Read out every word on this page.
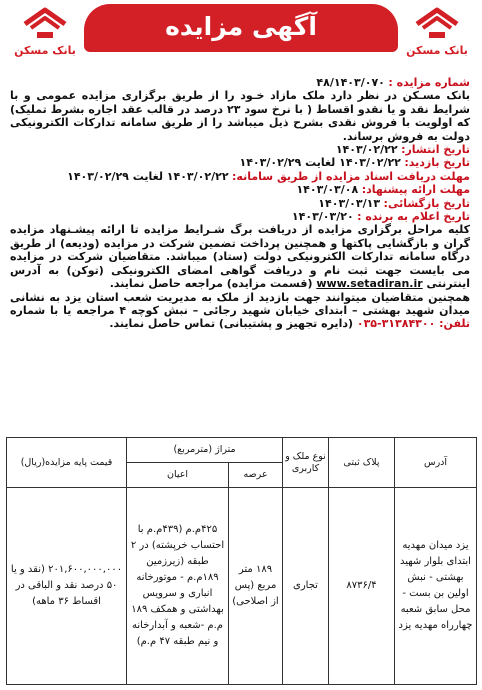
بانک مسکن
بانک مسکن
آگهی مزایده

شماره مزایده : ۴۸/۱۴۰۳/۰۷۰

بانک مسـکن در نظر دارد ملک مازاد خـود را از طریق برگزاری مزایده عمومی و با شرایط نقد و یا نقدو اقساط ( با نرخ سود ۲۳ درصد در قالب عقد اجاره بشرط تملیک) که اولویت با فروش نقدی بشرح ذیل میباشد را از طریق سامانه تدارکات الکترونیکی دولت به فروش برساند.

تاریخ انتشار: ۱۴۰۳/۰۲/۲۲

تاریخ بازدید: ۱۴۰۳/۰۲/۲۲ لغایت ۱۴۰۳/۰۲/۲۹

مهلت دریافت اسناد مزایده از طریق سامانه: ۱۴۰۳/۰۲/۲۲ لغایت ۱۴۰۳/۰۲/۲۹

مهلت ارائه پیشنهاد: ۱۴۰۳/۰۳/۰۸

تاریخ بازگشائی: ۱۴۰۳/۰۳/۱۳

تاریخ اعلام به برنده : ۱۴۰۳/۰۳/۲۰

کلیه مراحل برگزاری مزایده از دریافت برگ شـرایط مزایده تا ارائه پیشـنهاد مزایده گران و بازگشایی پاکتها و همچنین پرداخت تضمین شرکت در مزایده (ودیعه) از طریق درگاه سامانه تدارکات الکترونیکی دولت (ستاد) میباشد. متقاضیان شرکت در مزایده می بایست جهت ثبت نام و دریافت گواهی امضای الکترونیکی (توکن) به آدرس اینترنتی www.setadiran.ir (قسمت مزایده) مراجعه حاصل نمایند.

همچنین متقاضیان میتوانند جهت بازدید از ملک به مدیریت شعب استان یزد به نشانی میدان شهید بهشتی – ابتدای خیابان شهید رجائی – نبش کوچه ۴ مراجعه یا با شماره تلفن: ۳۱۳۸۴۳۰۰-۰۳۵ (دایره تجهیز و پشتیبانی) تماس حاصل نمایند.

آدرس	پلاک ثبتی	نوع ملک و کاربری	متراژ (مترمربع)		قیمت پایه مزایده(ریال)
			عرصه	اعیان	
یزد میدان مهدیه ابتدای بلوار شهید بهشتی - نبش اولین بن بست - محل سابق شعبه چهارراه مهدیه یزد	۸۷۳۶/۴	تجاری	۱۸۹ متر مربع (پس از اصلاحی)	۴۲۵م.م (۴۳۹م.م با احتساب خرپشته) در ۲ طبقه (زیرزمین ۱۸۹م.م - موتورخانه انباری و سرویس بهداشتی و همکف ۱۸۹ م.م -شعبه و آبدارخانه و نیم طبقه ۴۷ م.م)	۲۰۱,۶۰۰,۰۰۰,۰۰۰ (نقد و یا ۵۰ درصد نقد و الباقی در اقساط ۳۶ ماهه)
